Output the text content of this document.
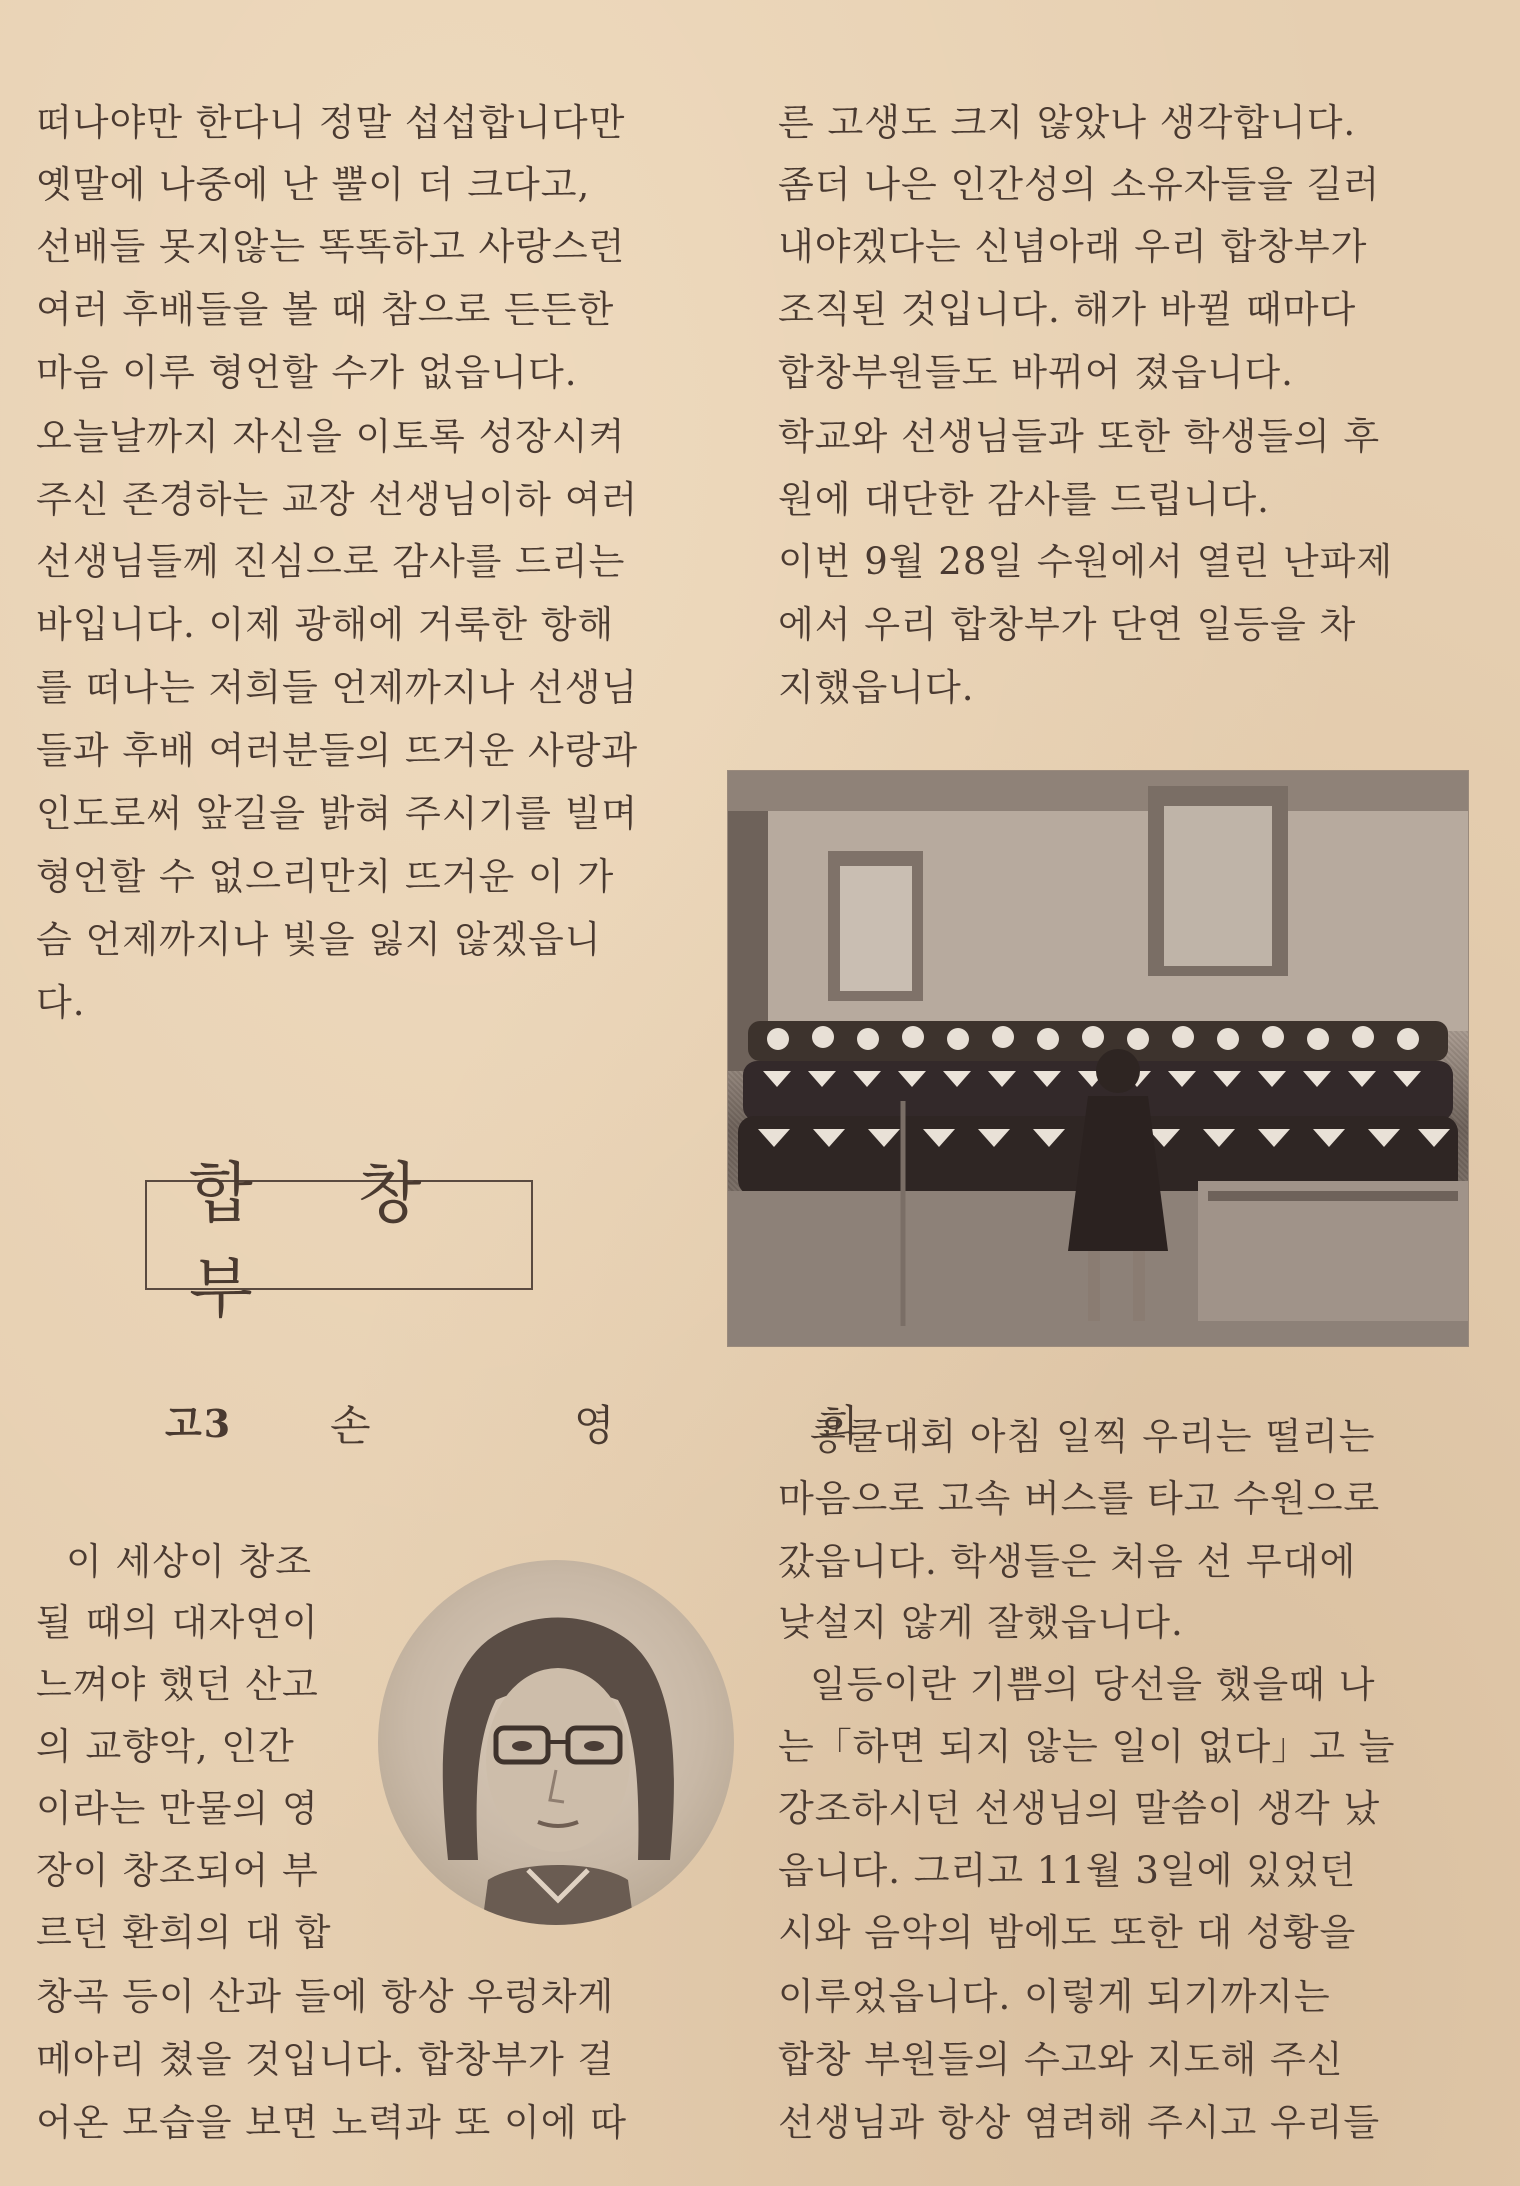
떠나야만 한다니 정말 섭섭합니다만
옛말에 나중에 난 뿔이 더 크다고,
선배들 못지않는 똑똑하고 사랑스런
여러 후배들을 볼 때 참으로 든든한
마음 이루 형언할 수가 없읍니다.
오늘날까지 자신을 이토록 성장시켜
주신 존경하는 교장 선생님이하 여러
선생님들께 진심으로 감사를 드리는
바입니다. 이제 광해에 거룩한 항해
를 떠나는 저희들 언제까지나 선생님
들과 후배 여러분들의 뜨거운 사랑과
인도로써 앞길을 밝혀 주시기를 빌며
형언할 수 없으리만치 뜨거운 이 가
슴 언제까지나 빛을 잃지 않겠읍니
다.
합 창 부
고3 손 영 희
이 세상이 창조
될 때의 대자연이
느껴야 했던 산고
의 교향악, 인간
이라는 만물의 영
장이 창조되어 부
르던 환희의 대 합
창곡 등이 산과 들에 항상 우렁차게
메아리 쳤을 것입니다. 합창부가 걸
어온 모습을 보면 노력과 또 이에 따
른 고생도 크지 않았나 생각합니다.
좀더 나은 인간성의 소유자들을 길러
내야겠다는 신념아래 우리 합창부가
조직된 것입니다. 해가 바뀔 때마다
합창부원들도 바뀌어 졌읍니다.
학교와 선생님들과 또한 학생들의 후
원에 대단한 감사를 드립니다.
이번 9월 28일 수원에서 열린 난파제
에서 우리 합창부가 단연 일등을 차
지했읍니다.
콩쿨대회 아침 일찍 우리는 떨리는
마음으로 고속 버스를 타고 수원으로
갔읍니다. 학생들은 처음 선 무대에
낮설지 않게 잘했읍니다.
일등이란 기쁨의 당선을 했을때 나
는「하면 되지 않는 일이 없다」고 늘
강조하시던 선생님의 말씀이 생각 났
읍니다. 그리고 11월 3일에 있었던
시와 음악의 밤에도 또한 대 성황을
이루었읍니다. 이렇게 되기까지는
합창 부원들의 수고와 지도해 주신
선생님과 항상 염려해 주시고 우리들
